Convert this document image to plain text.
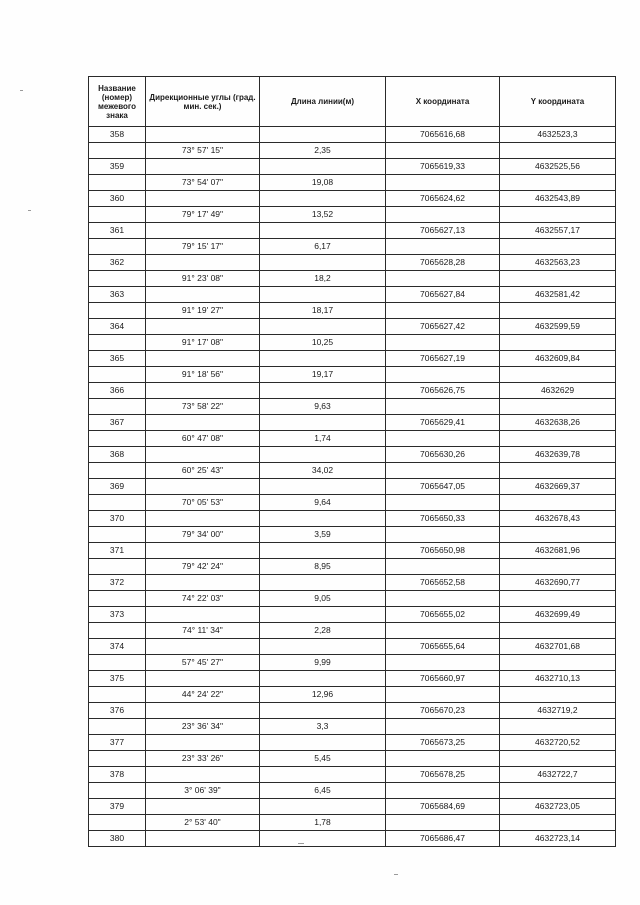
Название (номер) межевого знака	Дирекционные углы (град. мин. сек.)	Длина линии(м)	X координата	Y координата
358			7065616,68	4632523,3
	73° 57' 15"	2,35		
359			7065619,33	4632525,56
	73° 54' 07"	19,08		
360			7065624,62	4632543,89
	79° 17' 49"	13,52		
361			7065627,13	4632557,17
	79° 15' 17"	6,17		
362			7065628,28	4632563,23
	91° 23' 08"	18,2		
363			7065627,84	4632581,42
	91° 19' 27"	18,17		
364			7065627,42	4632599,59
	91° 17' 08"	10,25		
365			7065627,19	4632609,84
	91° 18' 56"	19,17		
366			7065626,75	4632629
	73° 58' 22"	9,63		
367			7065629,41	4632638,26
	60° 47' 08"	1,74		
368			7065630,26	4632639,78
	60° 25' 43"	34,02		
369			7065647,05	4632669,37
	70° 05' 53"	9,64		
370			7065650,33	4632678,43
	79° 34' 00"	3,59		
371			7065650,98	4632681,96
	79° 42' 24"	8,95		
372			7065652,58	4632690,77
	74° 22' 03"	9,05		
373			7065655,02	4632699,49
	74° 11' 34"	2,28		
374			7065655,64	4632701,68
	57° 45' 27"	9,99		
375			7065660,97	4632710,13
	44° 24' 22"	12,96		
376			7065670,23	4632719,2
	23° 36' 34"	3,3		
377			7065673,25	4632720,52
	23° 33' 26"	5,45		
378			7065678,25	4632722,7
	3° 06' 39"	6,45		
379			7065684,69	4632723,05
	2° 53' 40"	1,78		
380			7065686,47	4632723,14
